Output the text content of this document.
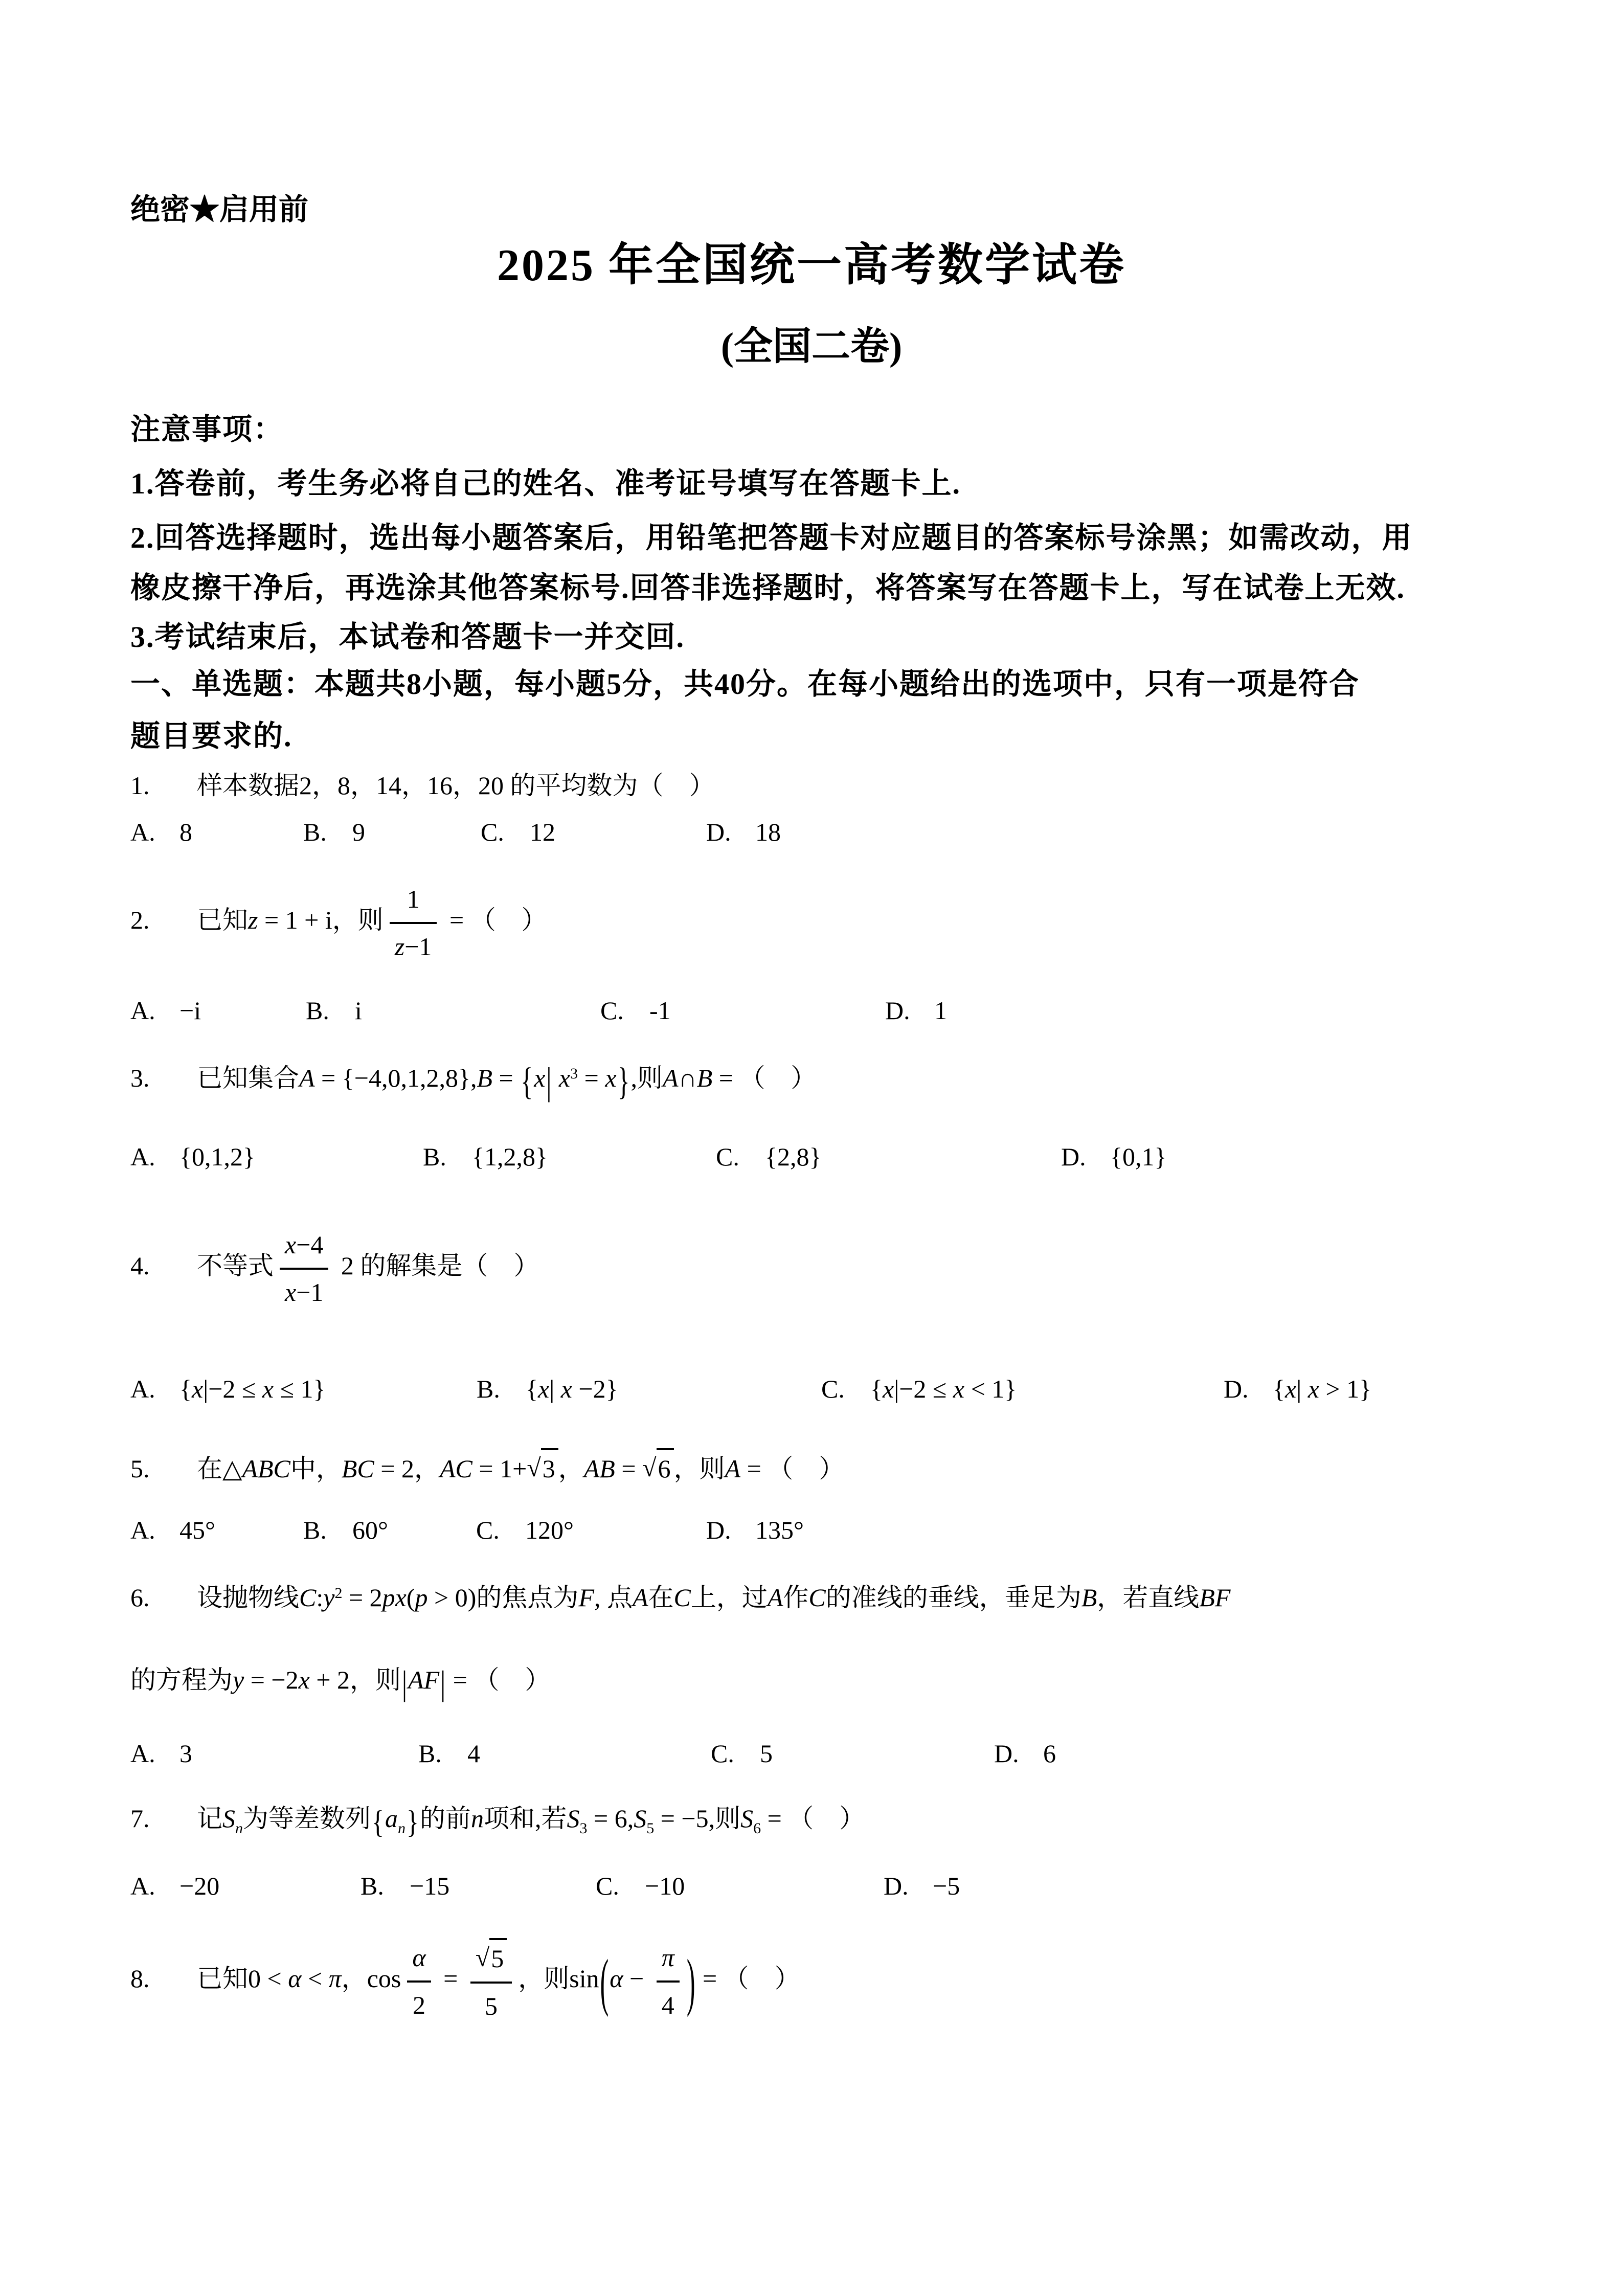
绝密★启用前
2025 年全国统一高考数学试卷
(全国二卷)
注意事项：
1.答卷前，考生务必将自己的姓名、准考证号填写在答题卡上.
2.回答选择题时，选出每小题答案后，用铅笔把答题卡对应题目的答案标号涂黑；如需改动，用
橡皮擦干净后，再选涂其他答案标号.回答非选择题时，将答案写在答题卡上，写在试卷上无效.
3.考试结束后，本试卷和答题卡一并交回.
一、单选题：本题共8小题，每小题5分，共40分。在每小题给出的选项中，只有一项是符合
题目要求的.
1. 样本数据2，8，14，16，20 的平均数为（　）
A. 8	B.	9	C.	12	D. 18
2. 已知z = 1 + i，则 $\frac{1}{z-1}$ = （　）
A. −i	B.	i	C.	-1	D. 1
3. 已知集合A = {−4,0,1,2,8},B = {x| $x^3 = x$},则A∩B = （　）
A. {0,1,2}	B.	{1,2,8}	C.	{2,8}	D. {0,1}
4. 不等式 $\frac{x-4}{x-1} 2$ 的解集是（　）
A. {x|−2 ≤ x ≤ 1}	B.	{x| x −2}	C.	{x|−2 ≤ x < 1}	D. {x| x > 1}
5. 在△ABC中，BC = 2，AC = 1+√3 ，AB = √6 ，则A = （　）
A. 45°	B.	60°	C.	120°	D. 135°
6. 设抛物线$C:y^2 = 2px(p > 0)$的焦点为F, 点A在C上，过A作C的准线的垂线，垂足为B，若直线BF
的方程为y = −2x + 2，则|AF| = （　）
A. 3	B.	4	C.	5	D. 6
7. 记$S_n$为等差数列$\{a_n\}$的前n项和,若$S_3 = 6,S_5 = -5$,则$S_6$ = （　）
A. −20	B.	−15	C.	−10	D. −5
8. 已知0 < α < π，$\cos \frac{\alpha}{2} = \frac{√5}{5}$ ，则$\sin(\alpha - \frac{\pi}{4}$ ) = （　）
